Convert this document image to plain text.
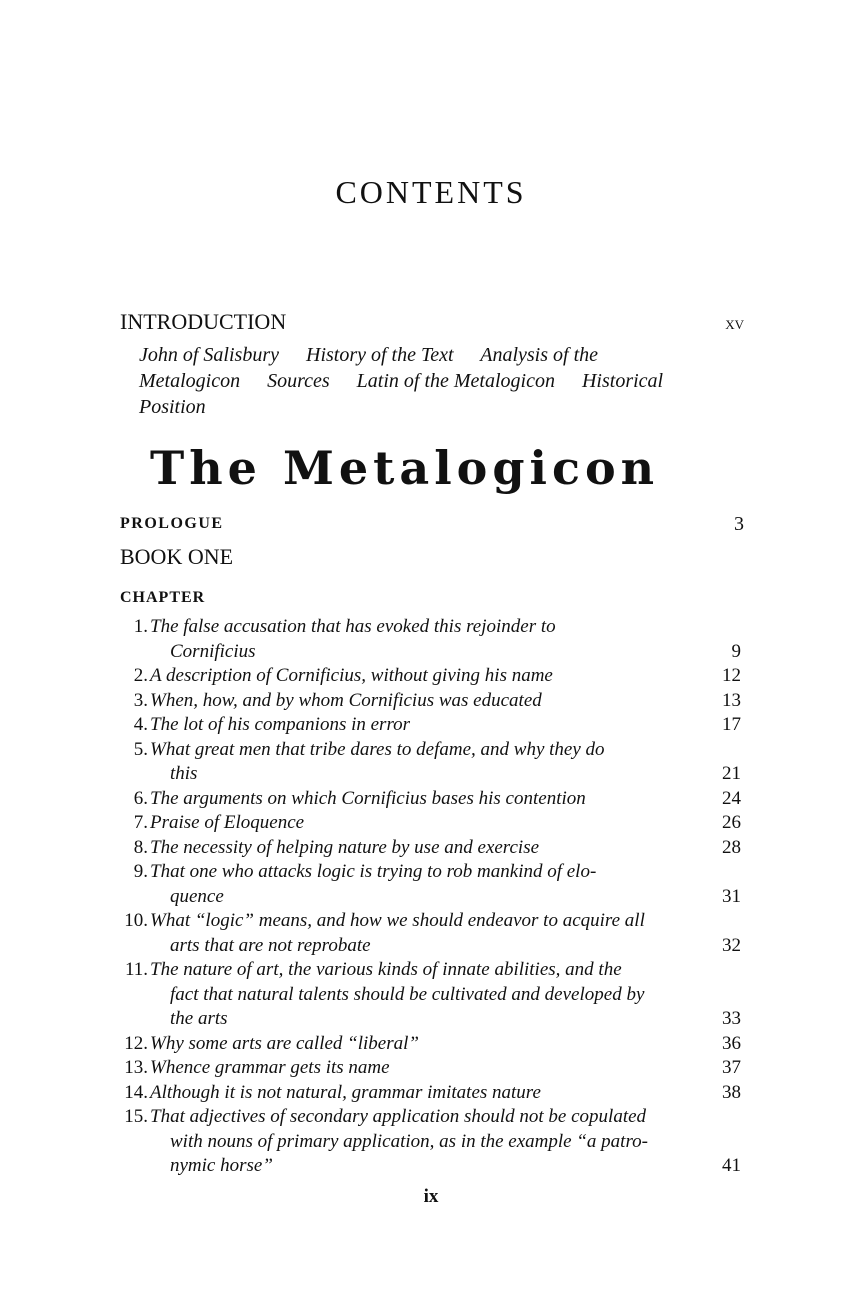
CONTENTS
INTRODUCTION	xv
John of Salisbury History of the Text Analysis of the Metalogicon Sources Latin of the Metalogicon Historical Position
The Metalogicon
PROLOGUE	3
BOOK ONE
CHAPTER
1. The false accusation that has evoked this rejoinder to
Cornificius	9
2. A description of Cornificius, without giving his name	12
3. When, how, and by whom Cornificius was educated	13
4. The lot of his companions in error	17
5. What great men that tribe dares to defame, and why they do
this	21
6. The arguments on which Cornificius bases his contention	24
7. Praise of Eloquence	26
8. The necessity of helping nature by use and exercise	28
9. That one who attacks logic is trying to rob mankind of elo-
quence	31
10. What “logic” means, and how we should endeavor to acquire all
arts that are not reprobate	32
11. The nature of art, the various kinds of innate abilities, and the
fact that natural talents should be cultivated and developed by
the arts	33
12. Why some arts are called “liberal”	36
13. Whence grammar gets its name	37
14. Although it is not natural, grammar imitates nature	38
15. That adjectives of secondary application should not be copulated
with nouns of primary application, as in the example “a patro-
nymic horse”	41
ix
